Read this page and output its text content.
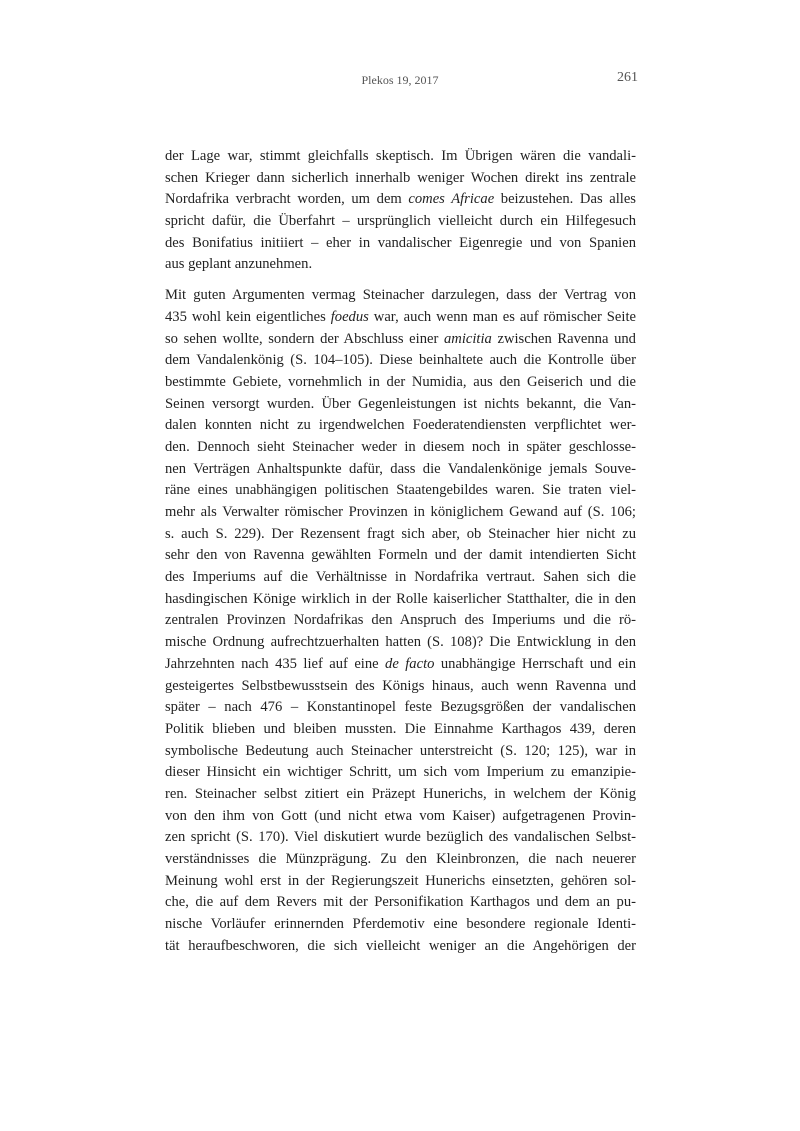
Plekos 19, 2017	261
der Lage war, stimmt gleichfalls skeptisch. Im Übrigen wären die vandali-
schen Krieger dann sicherlich innerhalb weniger Wochen direkt ins zentrale
Nordafrika verbracht worden, um dem comes Africae beizustehen. Das alles
spricht dafür, die Überfahrt – ursprünglich vielleicht durch ein Hilfegesuch
des Bonifatius initiiert – eher in vandalischer Eigenregie und von Spanien
aus geplant anzunehmen.
Mit guten Argumenten vermag Steinacher darzulegen, dass der Vertrag von
435 wohl kein eigentliches foedus war, auch wenn man es auf römischer Seite
so sehen wollte, sondern der Abschluss einer amicitia zwischen Ravenna und
dem Vandalenkönig (S. 104–105). Diese beinhaltete auch die Kontrolle über
bestimmte Gebiete, vornehmlich in der Numidia, aus den Geiserich und die
Seinen versorgt wurden. Über Gegenleistungen ist nichts bekannt, die Van-
dalen konnten nicht zu irgendwelchen Foederatendiensten verpflichtet wer-
den. Dennoch sieht Steinacher weder in diesem noch in später geschlosse-
nen Verträgen Anhaltspunkte dafür, dass die Vandalenkönige jemals Souve-
räne eines unabhängigen politischen Staatengebildes waren. Sie traten viel-
mehr als Verwalter römischer Provinzen in königlichem Gewand auf (S. 106;
s. auch S. 229). Der Rezensent fragt sich aber, ob Steinacher hier nicht zu
sehr den von Ravenna gewählten Formeln und der damit intendierten Sicht
des Imperiums auf die Verhältnisse in Nordafrika vertraut. Sahen sich die
hasdingischen Könige wirklich in der Rolle kaiserlicher Statthalter, die in den
zentralen Provinzen Nordafrikas den Anspruch des Imperiums und die rö-
mische Ordnung aufrechtzuerhalten hatten (S. 108)? Die Entwicklung in den
Jahrzehnten nach 435 lief auf eine de facto unabhängige Herrschaft und ein
gesteigertes Selbstbewusstsein des Königs hinaus, auch wenn Ravenna und
später – nach 476 – Konstantinopel feste Bezugsgrößen der vandalischen
Politik blieben und bleiben mussten. Die Einnahme Karthagos 439, deren
symbolische Bedeutung auch Steinacher unterstreicht (S. 120; 125), war in
dieser Hinsicht ein wichtiger Schritt, um sich vom Imperium zu emanzipie-
ren. Steinacher selbst zitiert ein Präzept Hunerichs, in welchem der König
von den ihm von Gott (und nicht etwa vom Kaiser) aufgetragenen Provin-
zen spricht (S. 170). Viel diskutiert wurde bezüglich des vandalischen Selbst-
verständnisses die Münzprägung. Zu den Kleinbronzen, die nach neuerer
Meinung wohl erst in der Regierungszeit Hunerichs einsetzten, gehören sol-
che, die auf dem Revers mit der Personifikation Karthagos und dem an pu-
nische Vorläufer erinnernden Pferdemotiv eine besondere regionale Identi-
tät heraufbeschworen, die sich vielleicht weniger an die Angehörigen der
